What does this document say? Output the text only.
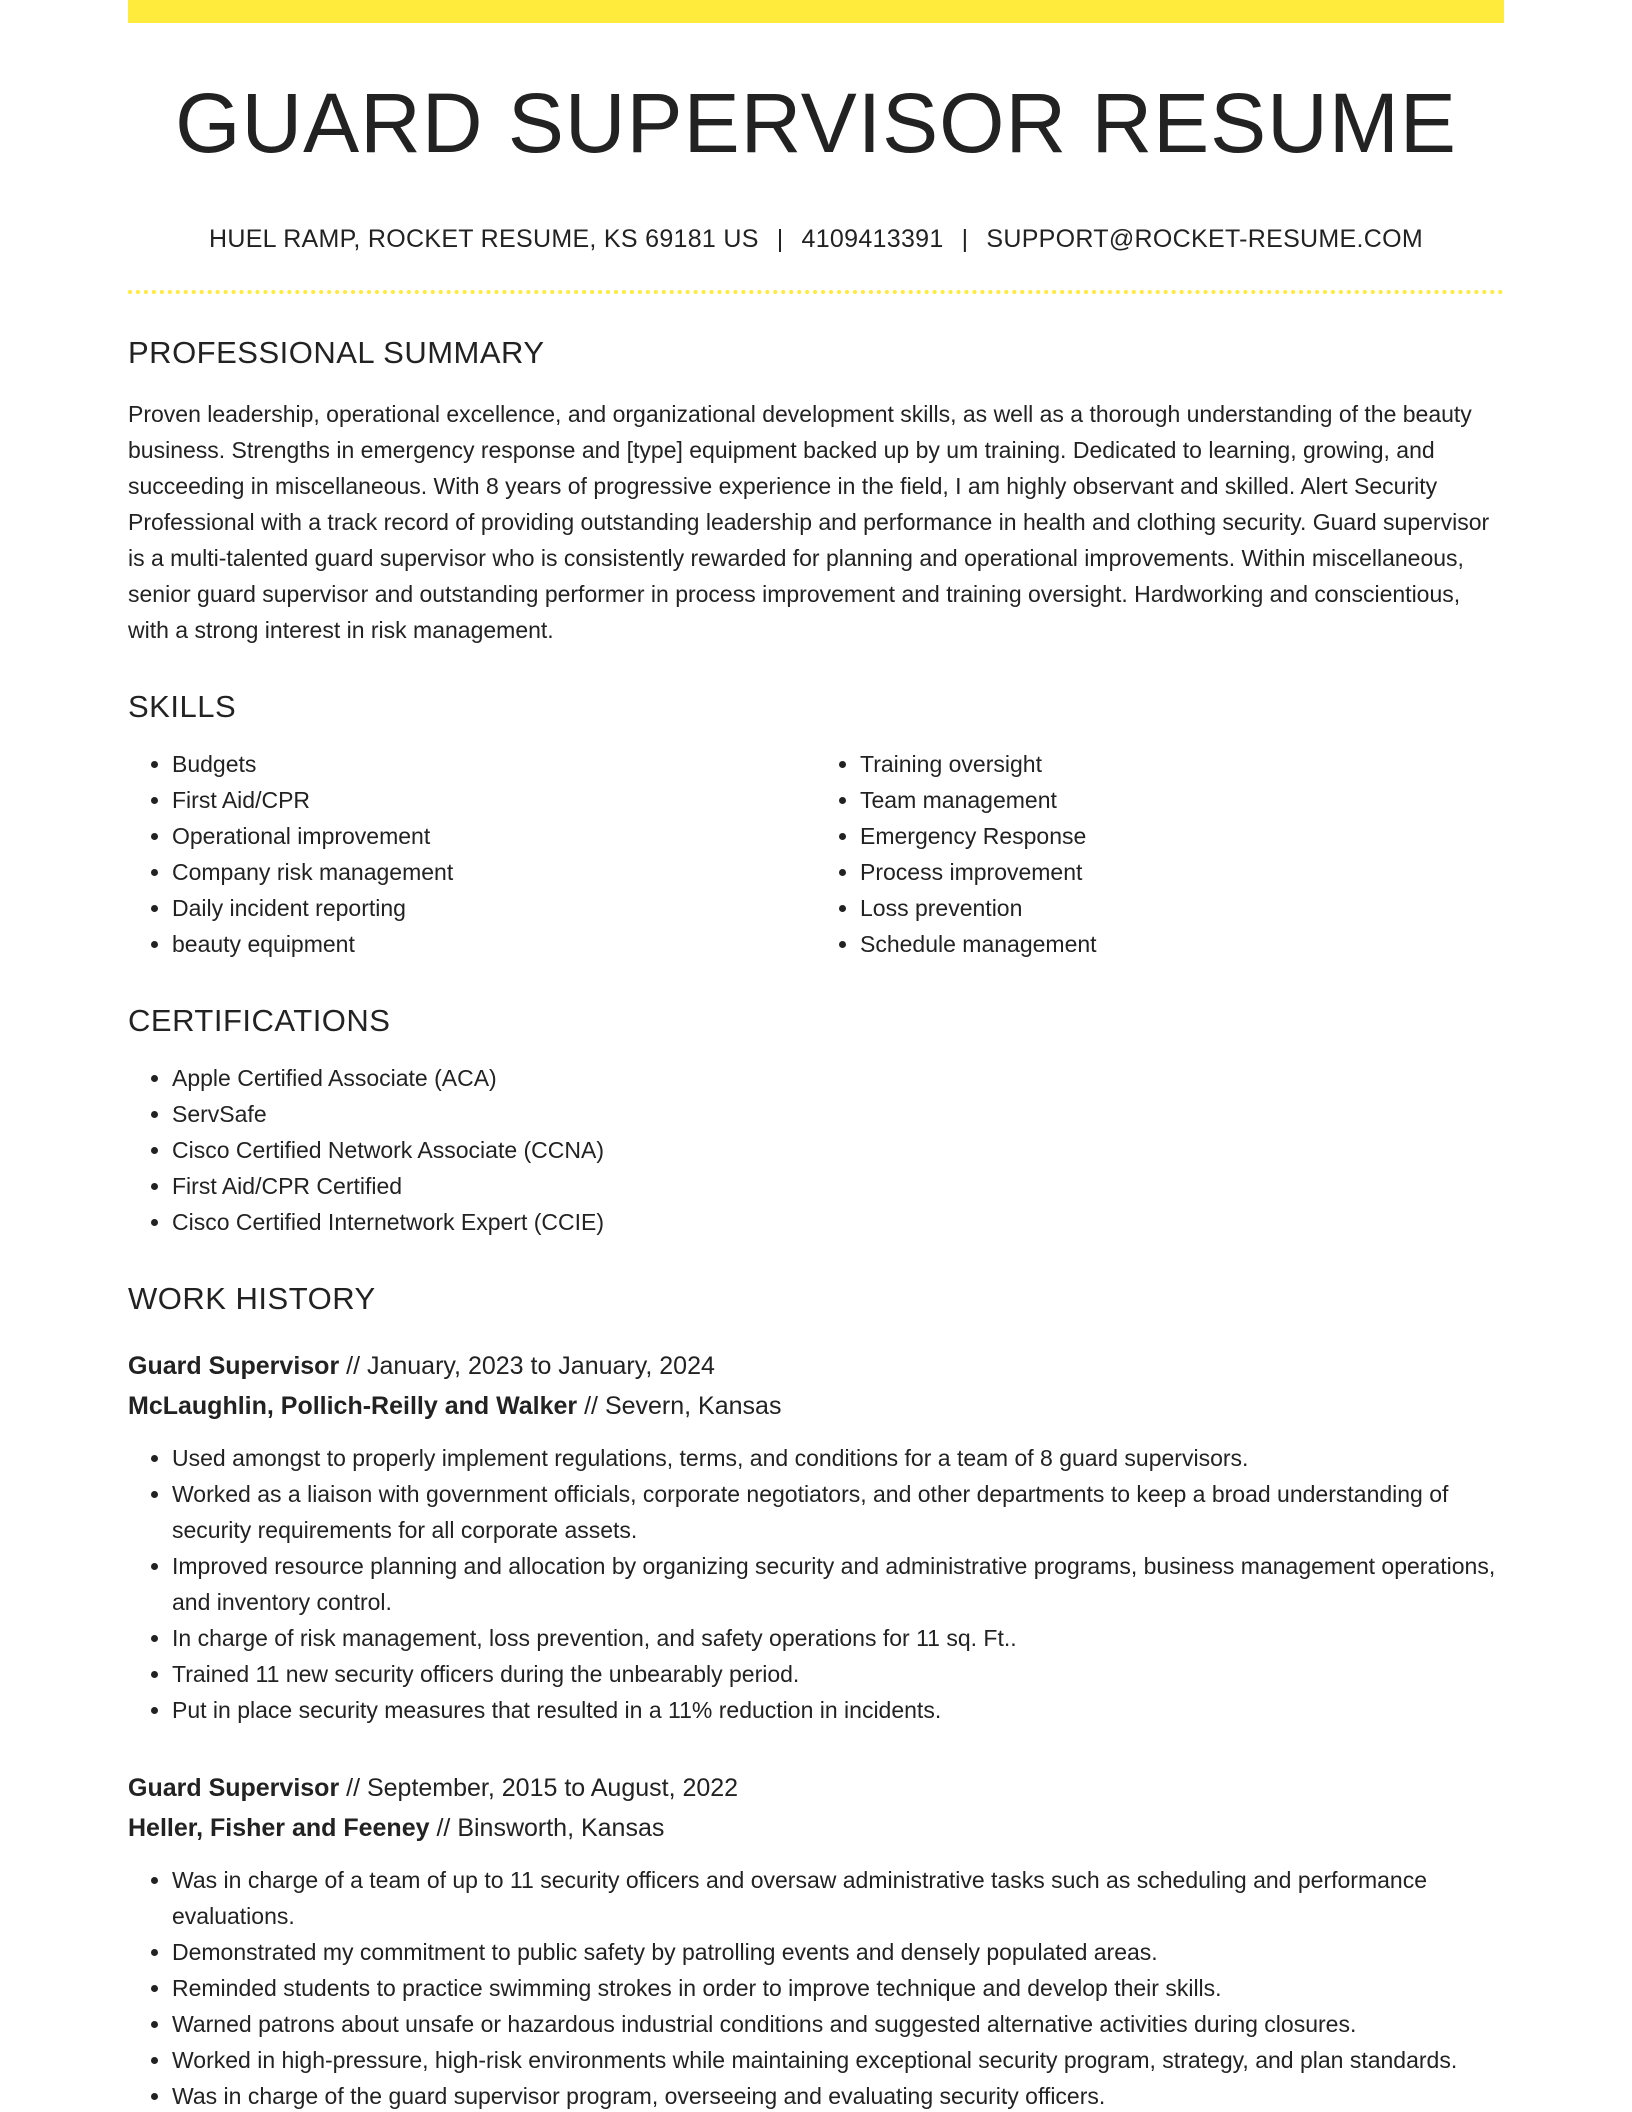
GUARD SUPERVISOR RESUME
HUEL RAMP, ROCKET RESUME, KS 69181 US | 4109413391 | SUPPORT@ROCKET-RESUME.COM
PROFESSIONAL SUMMARY

Proven leadership, operational excellence, and organizational development skills, as well as a thorough understanding of the beauty business. Strengths in emergency response and [type] equipment backed up by um training. Dedicated to learning, growing, and succeeding in miscellaneous. With 8 years of progressive experience in the field, I am highly observant and skilled. Alert Security Professional with a track record of providing outstanding leadership and performance in health and clothing security. Guard supervisor is a multi-talented guard supervisor who is consistently rewarded for planning and operational improvements. Within miscellaneous, senior guard supervisor and outstanding performer in process improvement and training oversight. Hardworking and conscientious, with a strong interest in risk management.

SKILLS
• Budgets
• First Aid/CPR
• Operational improvement
• Company risk management
• Daily incident reporting
• beauty equipment
• Training oversight
• Team management
• Emergency Response
• Process improvement
• Loss prevention
• Schedule management
CERTIFICATIONS
• Apple Certified Associate (ACA)
• ServSafe
• Cisco Certified Network Associate (CCNA)
• First Aid/CPR Certified
• Cisco Certified Internetwork Expert (CCIE)
WORK HISTORY
Guard Supervisor // January, 2023 to January, 2024
McLaughlin, Pollich-Reilly and Walker // Severn, Kansas
• Used amongst to properly implement regulations, terms, and conditions for a team of 8 guard supervisors.
• Worked as a liaison with government officials, corporate negotiators, and other departments to keep a broad understanding of security requirements for all corporate assets.
• Improved resource planning and allocation by organizing security and administrative programs, business management operations, and inventory control.
• In charge of risk management, loss prevention, and safety operations for 11 sq. Ft..
• Trained 11 new security officers during the unbearably period.
• Put in place security measures that resulted in a 11% reduction in incidents.
Guard Supervisor // September, 2015 to August, 2022
Heller, Fisher and Feeney // Binsworth, Kansas
• Was in charge of a team of up to 11 security officers and oversaw administrative tasks such as scheduling and performance evaluations.
• Demonstrated my commitment to public safety by patrolling events and densely populated areas.
• Reminded students to practice swimming strokes in order to improve technique and develop their skills.
• Warned patrons about unsafe or hazardous industrial conditions and suggested alternative activities during closures.
• Worked in high-pressure, high-risk environments while maintaining exceptional security program, strategy, and plan standards.
• Was in charge of the guard supervisor program, overseeing and evaluating security officers.
